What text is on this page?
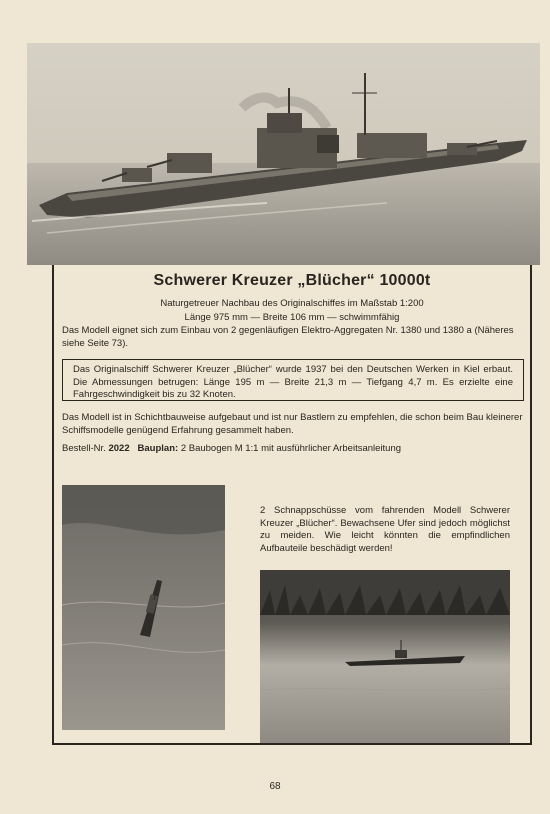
Schwerer Kreuzer „Blücher“ 10000t
Naturgetreuer Nachbau des Originalschiffes im Maßstab 1:200
Länge 975 mm — Breite 106 mm — schwimmfähig
Das Modell eignet sich zum Einbau von 2 gegenläufigen Elektro-Aggregaten Nr. 1380 und 1380 a (Näheres siehe Seite 73).
Das Originalschiff Schwerer Kreuzer „Blücher“ wurde 1937 bei den Deutschen Werken in Kiel erbaut. Die Abmessungen betrugen: Länge 195 m — Breite 21,3 m — Tiefgang 4,7 m. Es erzielte eine Fahrgeschwindigkeit bis zu 32 Knoten.
Das Modell ist in Schichtbauweise aufgebaut und ist nur Bastlern zu empfehlen, die schon beim Bau kleinerer Schiffsmodelle genügend Erfahrung gesammelt haben.
Bestell-Nr. 2022 Bauplan: 2 Baubogen M 1:1 mit ausführlicher Arbeitsanleitung
2 Schnappschüsse vom fahrenden Modell Schwerer Kreuzer „Blücher“. Bewachsene Ufer sind jedoch möglichst zu meiden. Wie leicht könnten die empfindlichen Aufbauteile beschädigt werden!
68
